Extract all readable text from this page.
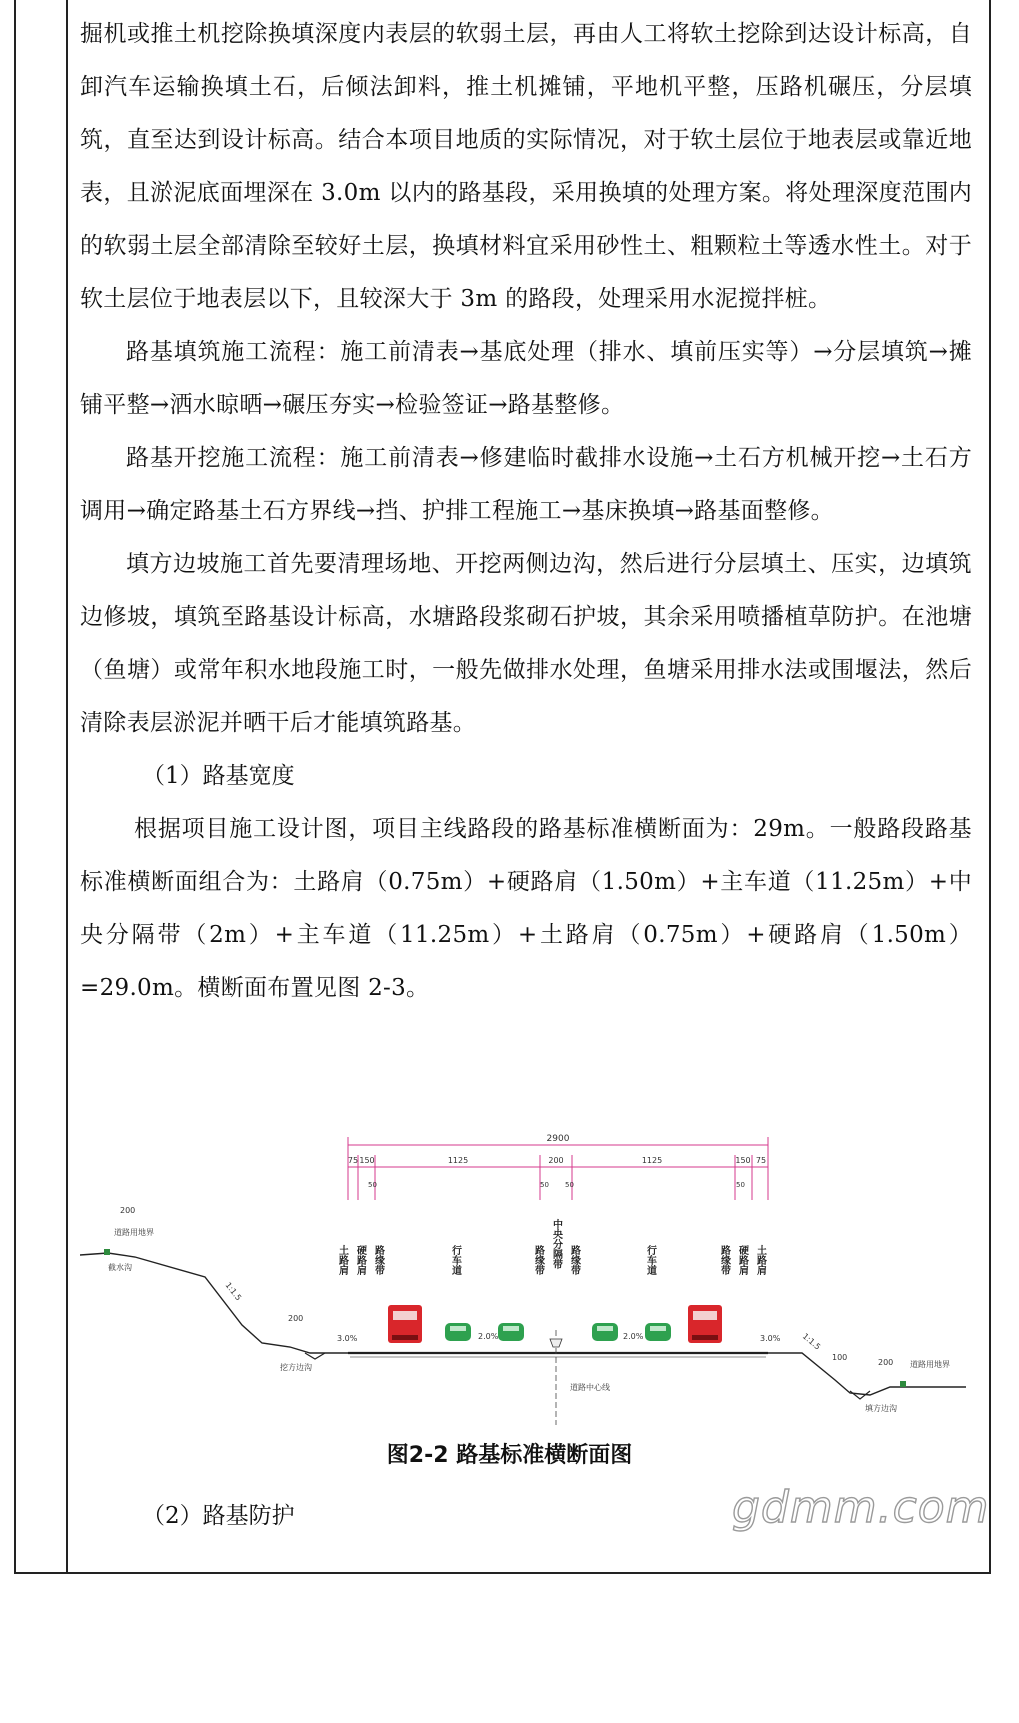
掘机或推土机挖除换填深度内表层的软弱土层，再由人工将软土挖除到达设计标高，自卸汽车运输换填土石，后倾法卸料，推土机摊铺，平地机平整，压路机碾压，分层填筑，直至达到设计标高。结合本项目地质的实际情况，对于软土层位于地表层或靠近地表，且淤泥底面埋深在 3.0m 以内的路基段，采用换填的处理方案。将处理深度范围内的软弱土层全部清除至较好土层，换填材料宜采用砂性土、粗颗粒土等透水性土。对于软土层位于地表层以下，且较深大于 3m 的路段，处理采用水泥搅拌桩。

路基填筑施工流程：施工前清表→基底处理（排水、填前压实等）→分层填筑→摊铺平整→洒水晾晒→碾压夯实→检验签证→路基整修。

路基开挖施工流程：施工前清表→修建临时截排水设施→土石方机械开挖→土石方调用→确定路基土石方界线→挡、护排工程施工→基床换填→路基面整修。

填方边坡施工首先要清理场地、开挖两侧边沟，然后进行分层填土、压实，边填筑边修坡，填筑至路基设计标高，水塘路段浆砌石护坡，其余采用喷播植草防护。在池塘（鱼塘）或常年积水地段施工时，一般先做排水处理，鱼塘采用排水法或围堰法，然后清除表层淤泥并晒干后才能填筑路基。

（1）路基宽度

根据项目施工设计图，项目主线路段的路基标准横断面为：29m。一般路段路基标准横断面组合为：土路肩（0.75m）+硬路肩（1.50m）+主车道（11.25m）+中央分隔带（2m）+主车道（11.25m）+土路肩（0.75m）+硬路肩（1.50m）=29.0m。横断面布置见图 2-3。

2900
75 150	1125	200	1125	150 75
50	50 50	50
200
道路用地界
截水沟
1:1.5
200
挖方边沟
1:1.5
100
200 道路用地界
填方边沟
3.0%	2.0%	2.0%	3.0%
土路肩 硬路肩 路缘带	行车道	中央分隔带
路缘带	路缘带	行车道	路缘带 硬路肩 土路肩
道路中心线
图2-2 路基标准横断面图
（2）路基防护	gdmm.com
